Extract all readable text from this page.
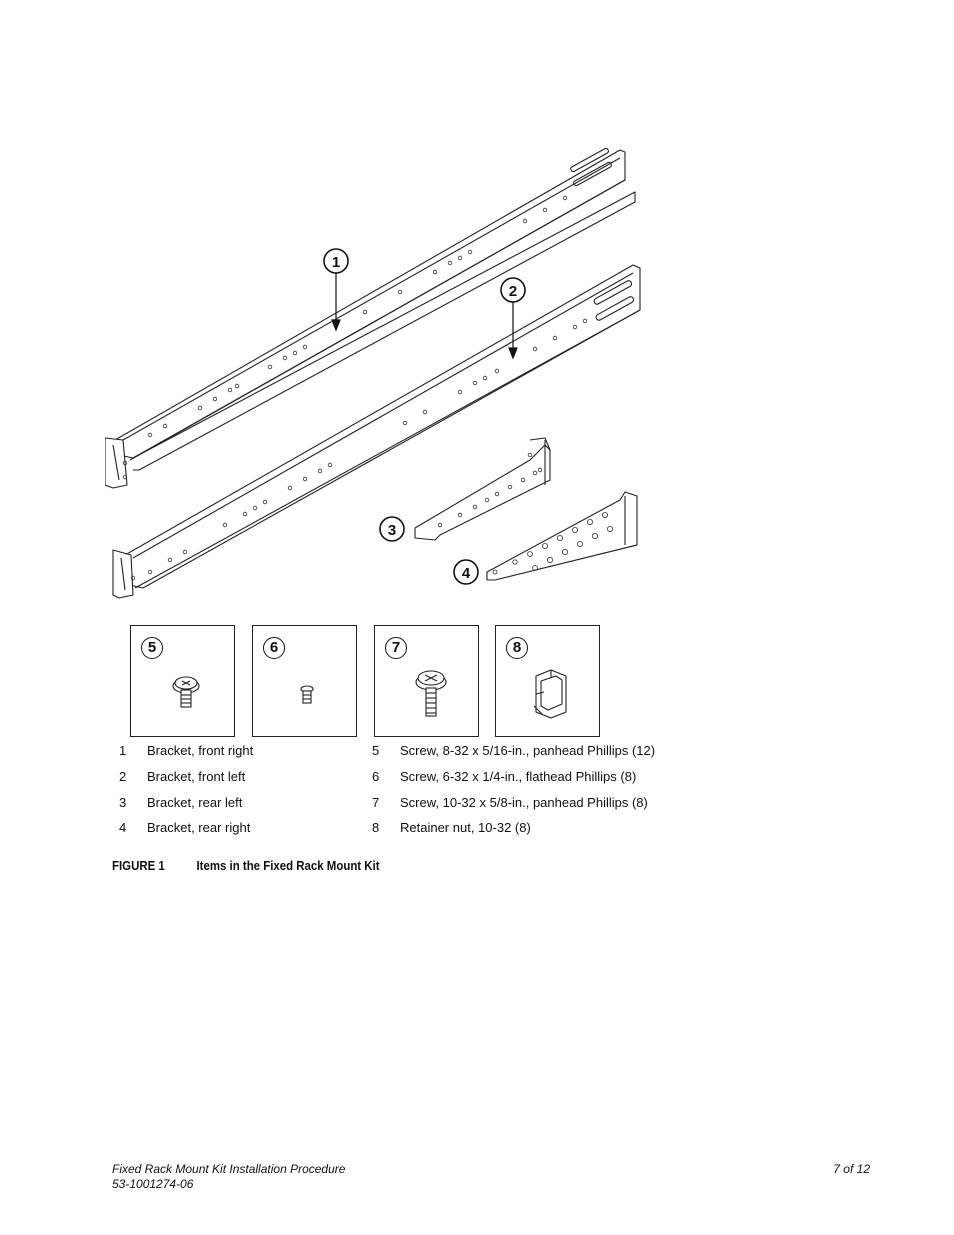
1
2
3
4
5	6	7	8
1 Bracket, front right
2 Bracket, front left
3 Bracket, rear left
4 Bracket, rear right
5 Screw, 8-32 x 5/16-in., panhead Phillips (12)
6 Screw, 6-32 x 1/4-in., flathead Phillips (8)
7 Screw, 10-32 x 5/8-in., panhead Phillips (8)
8 Retainer nut, 10-32 (8)
FIGURE 1 Items in the Fixed Rack Mount Kit
Fixed Rack Mount Kit Installation Procedure
53-1001274-06
7 of 12
